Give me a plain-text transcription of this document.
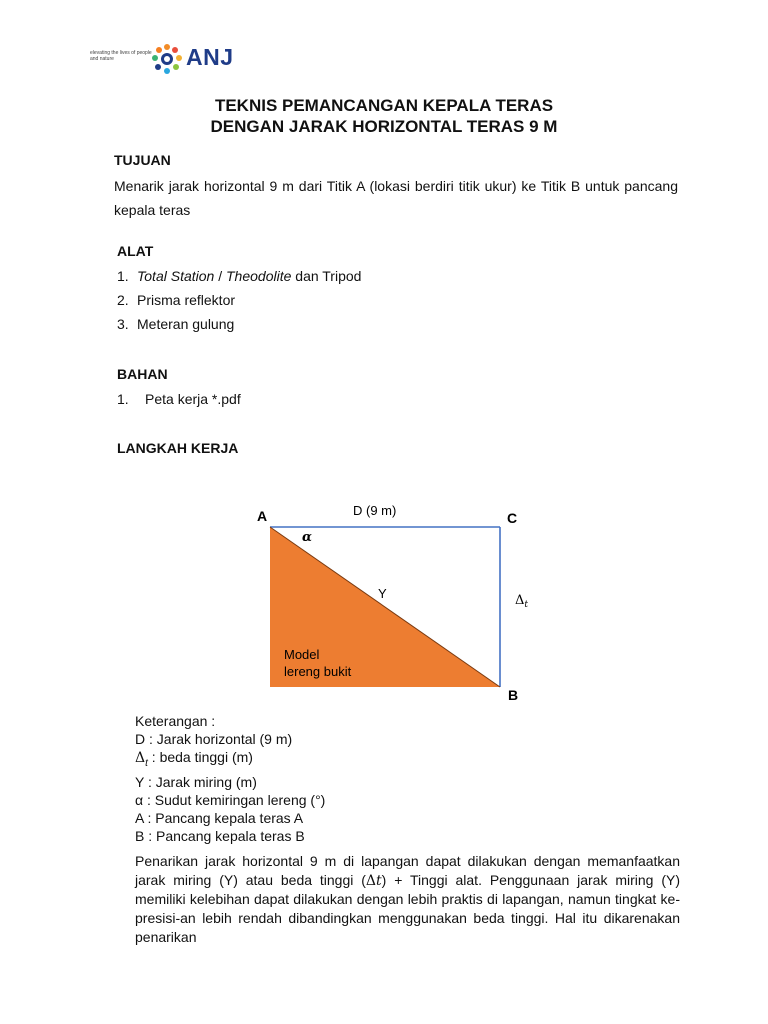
elevating the lives of people and nature	ANJ
TEKNIS PEMANCANGAN KEPALA TERAS
DENGAN JARAK HORIZONTAL TERAS 9 M
TUJUAN
Menarik jarak horizontal 9 m dari Titik A (lokasi berdiri titik ukur) ke Titik B untuk pancang kepala teras
ALAT
1. Total Station / Theodolite dan Tripod
2. Prisma reflektor
3. Meteran gulung
BAHAN
1.	Peta kerja *.pdf
LANGKAH KERJA
A	C
B
D (9 m)
α
Y	$\Delta_t$
Model
lereng bukit
Keterangan :
D : Jarak horizontal (9 m)
$\Delta_t$ : beda tinggi (m)
Y : Jarak miring (m)
α : Sudut kemiringan lereng (°)
A : Pancang kepala teras A
B : Pancang kepala teras B
Penarikan jarak horizontal 9 m di lapangan dapat dilakukan dengan memanfaatkan jarak miring (Y) atau beda tinggi (Δt) + Tinggi alat. Penggunaan jarak miring (Y) memiliki kelebihan dapat dilakukan dengan lebih praktis di lapangan, namun tingkat ke-presisi-an lebih rendah dibandingkan menggunakan beda tinggi. Hal itu dikarenakan penarikan
